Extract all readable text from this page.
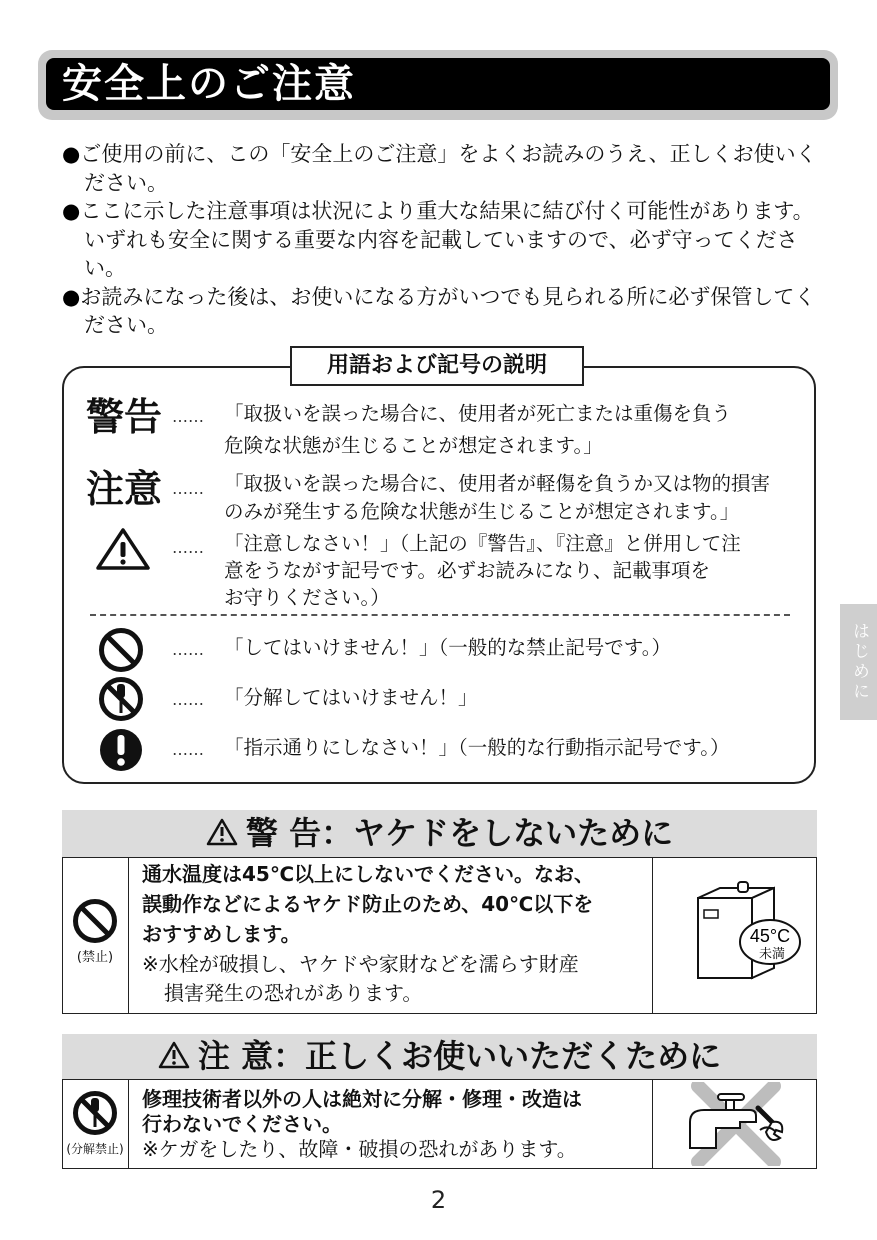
安全上のご注意

●ご使用の前に、この「安全上のご注意」をよくお読みのうえ、正しくお使いください。

●ここに示した注意事項は状況により重大な結果に結び付く可能性があります。いずれも安全に関する重要な内容を記載していますので、必ず守ってください。

●お読みになった後は、お使いになる方がいつでも見られる所に必ず保管してください。

用語および記号の説明
警告 …… 「取扱いを誤った場合に、使用者が死亡または重傷を負う
危険な状態が生じることが想定されます。」
注意 …… 「取扱いを誤った場合に、使用者が軽傷を負うか又は物的損害
のみが発生する危険な状態が生じることが想定されます。」
…… 「注意しなさい！」（上記の『警告』、『注意』と併用して注
意をうながす記号です。必ずお読みになり、記載事項を
お守りください。）
…… 「してはいけません！」（一般的な禁止記号です。）
…… 「分解してはいけません！」
…… 「指示通りにしなさい！」（一般的な行動指示記号です。）
はじめに
警 告：ヤケドをしないために
(禁止)
通水温度は45℃以上にしないでください。なお、
誤動作などによるヤケド防止のため、40℃以下を
おすすめします。
※水栓が破損し、ヤケドや家財などを濡らす財産
損害発生の恐れがあります。
45°C
未満
注 意：正しくお使いいただくために
(分解禁止)
修理技術者以外の人は絶対に分解・修理・改造は
行わないでください。
※ケガをしたり、故障・破損の恐れがあります。
2
